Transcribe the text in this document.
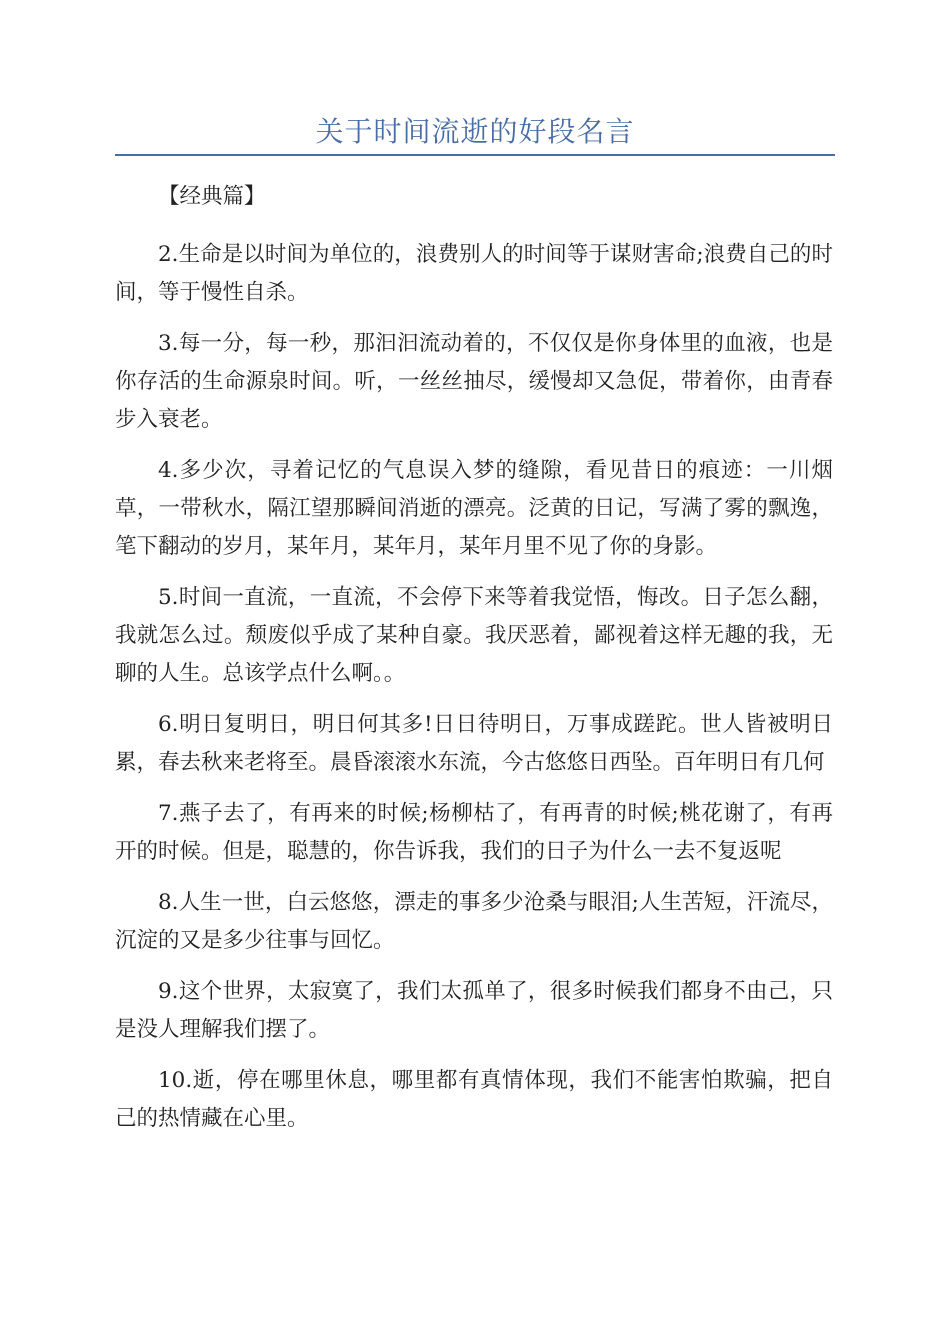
关于时间流逝的好段名言

【经典篇】

2.生命是以时间为单位的，浪费别人的时间等于谋财害命;浪费自己的时间，等于慢性自杀。

3.每一分，每一秒，那汩汩流动着的，不仅仅是你身体里的血液，也是你存活的生命源泉时间。听，一丝丝抽尽，缓慢却又急促，带着你，由青春步入衰老。

4.多少次，寻着记忆的气息误入梦的缝隙，看见昔日的痕迹：一川烟草，一带秋水，隔江望那瞬间消逝的漂亮。泛黄的日记，写满了雾的飘逸，笔下翻动的岁月，某年月，某年月，某年月里不见了你的身影。

5.时间一直流，一直流，不会停下来等着我觉悟，悔改。日子怎么翻，我就怎么过。颓废似乎成了某种自豪。我厌恶着，鄙视着这样无趣的我，无聊的人生。总该学点什么啊。。

6.明日复明日，明日何其多!日日待明日，万事成蹉跎。世人皆被明日累，春去秋来老将至。晨昏滚滚水东流，今古悠悠日西坠。百年明日有几何

7.燕子去了，有再来的时候;杨柳枯了，有再青的时候;桃花谢了，有再开的时候。但是，聪慧的，你告诉我，我们的日子为什么一去不复返呢

8.人生一世，白云悠悠，漂走的事多少沧桑与眼泪;人生苦短，汗流尽，沉淀的又是多少往事与回忆。

9.这个世界，太寂寞了，我们太孤单了，很多时候我们都身不由己，只是没人理解我们摆了。

10.逝，停在哪里休息，哪里都有真情体现，我们不能害怕欺骗，把自己的热情藏在心里。
